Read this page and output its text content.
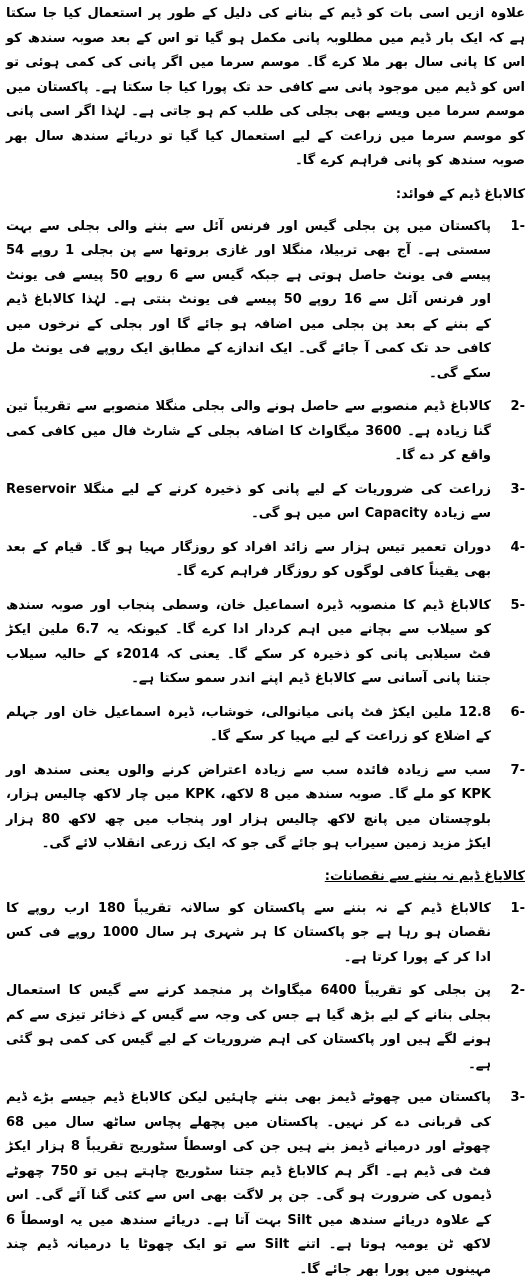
علاوہ ازیں اسی بات کو ڈیم کے بنانے کی دلیل کے طور پر استعمال کیا جا سکتا ہے کہ ایک بار ڈیم میں مطلوبہ پانی مکمل ہو گیا تو اس کے بعد صوبہ سندھ کو اس کا پانی سال بھر ملا کرے گا۔ موسم سرما میں اگر پانی کی کمی ہوئی تو اس کو ڈیم میں موجود پانی سے کافی حد تک پورا کیا جا سکتا ہے۔ پاکستان میں موسم سرما میں ویسے بھی بجلی کی طلب کم ہو جاتی ہے۔ لہٰذا اگر اسی پانی کو موسم سرما میں زراعت کے لیے استعمال کیا گیا تو دریائے سندھ سال بھر صوبہ سندھ کو پانی فراہم کرے گا۔

کالاباغ ڈیم کے فوائد:
1-

پاکستان میں پن بجلی گیس اور فرنس آئل سے بننے والی بجلی سے بہت سستی ہے۔ آج بھی تربیلا، منگلا اور غازی بروتھا سے پن بجلی 1 روپے 54 پیسے فی یونٹ حاصل ہوتی ہے جبکہ گیس سے 6 روپے 50 پیسے فی یونٹ اور فرنس آئل سے 16 روپے 50 پیسے فی یونٹ بنتی ہے۔ لہٰذا کالاباغ ڈیم کے بننے کے بعد پن بجلی میں اضافہ ہو جائے گا اور بجلی کے نرخوں میں کافی حد تک کمی آ جائے گی۔ ایک اندازے کے مطابق ایک روپے فی یونٹ مل سکے گی۔

2-

کالاباغ ڈیم منصوبے سے حاصل ہونے والی بجلی منگلا منصوبے سے تقریباً تین گنا زیادہ ہے۔ 3600 میگاواٹ کا اضافہ بجلی کے شارٹ فال میں کافی کمی واقع کر دے گا۔

3-

زراعت کی ضروریات کے لیے پانی کو ذخیرہ کرنے کے لیے منگلا Reservoir سے زیادہ Capacity اس میں ہو گی۔

4-

دوران تعمیر تیس ہزار سے زائد افراد کو روزگار مہیا ہو گا۔ قیام کے بعد بھی یقیناً کافی لوگوں کو روزگار فراہم کرے گا۔

5-

کالاباغ ڈیم کا منصوبہ ڈیرہ اسماعیل خان، وسطی پنجاب اور صوبہ سندھ کو سیلاب سے بچانے میں اہم کردار ادا کرے گا۔ کیونکہ یہ 6.7 ملین ایکڑ فٹ سیلابی پانی کو ذخیرہ کر سکے گا۔ یعنی کہ 2014ء کے حالیہ سیلاب جتنا پانی آسانی سے کالاباغ ڈیم اپنے اندر سمو سکتا ہے۔

6-

12.8 ملین ایکڑ فٹ پانی میانوالی، خوشاب، ڈیرہ اسماعیل خان اور جہلم کے اضلاع کو زراعت کے لیے مہیا کر سکے گا۔

7-

سب سے زیادہ فائدہ سب سے زیادہ اعتراض کرنے والوں یعنی سندھ اور KPK کو ملے گا۔ صوبہ سندھ میں 8 لاکھ، KPK میں چار لاکھ چالیس ہزار، بلوچستان میں پانچ لاکھ چالیس ہزار اور پنجاب میں چھ لاکھ 80 ہزار ایکڑ مزید زمین سیراب ہو جائے گی جو کہ ایک زرعی انقلاب لائے گی۔

کالاباغ ڈیم نہ بننے سے نقصانات:
1-

کالاباغ ڈیم کے نہ بننے سے پاکستان کو سالانہ تقریباً 180 ارب روپے کا نقصان ہو رہا ہے جو پاکستان کا ہر شہری ہر سال 1000 روپے فی کس ادا کر کے پورا کرتا ہے۔

2-

پن بجلی کو تقریباً 6400 میگاواٹ پر منجمد کرنے سے گیس کا استعمال بجلی بنانے کے لیے بڑھ گیا ہے جس کی وجہ سے گیس کے ذخائر تیزی سے کم ہونے لگے ہیں اور پاکستان کی اہم ضروریات کے لیے گیس کی کمی ہو گئی ہے۔

3-

پاکستان میں چھوٹے ڈیمز بھی بننے چاہئیں لیکن کالاباغ ڈیم جیسے بڑے ڈیم کی قربانی دے کر نہیں۔ پاکستان میں پچھلے پچاس ساٹھ سال میں 68 چھوٹے اور درمیانے ڈیمز بنے ہیں جن کی اوسطاً سٹوریج تقریباً 8 ہزار ایکڑ فٹ فی ڈیم ہے۔ اگر ہم کالاباغ ڈیم جتنا سٹوریج چاہتے ہیں تو 750 چھوٹے ڈیموں کی ضرورت ہو گی۔ جن پر لاگت بھی اس سے کئی گنا آئے گی۔ اس کے علاوہ دریائے سندھ میں Silt بہت آتا ہے۔ دریائے سندھ میں یہ اوسطاً 6 لاکھ ٹن یومیہ ہوتا ہے۔ اتنے Silt سے تو ایک چھوٹا یا درمیانہ ڈیم چند مہینوں میں پورا بھر جائے گا۔
